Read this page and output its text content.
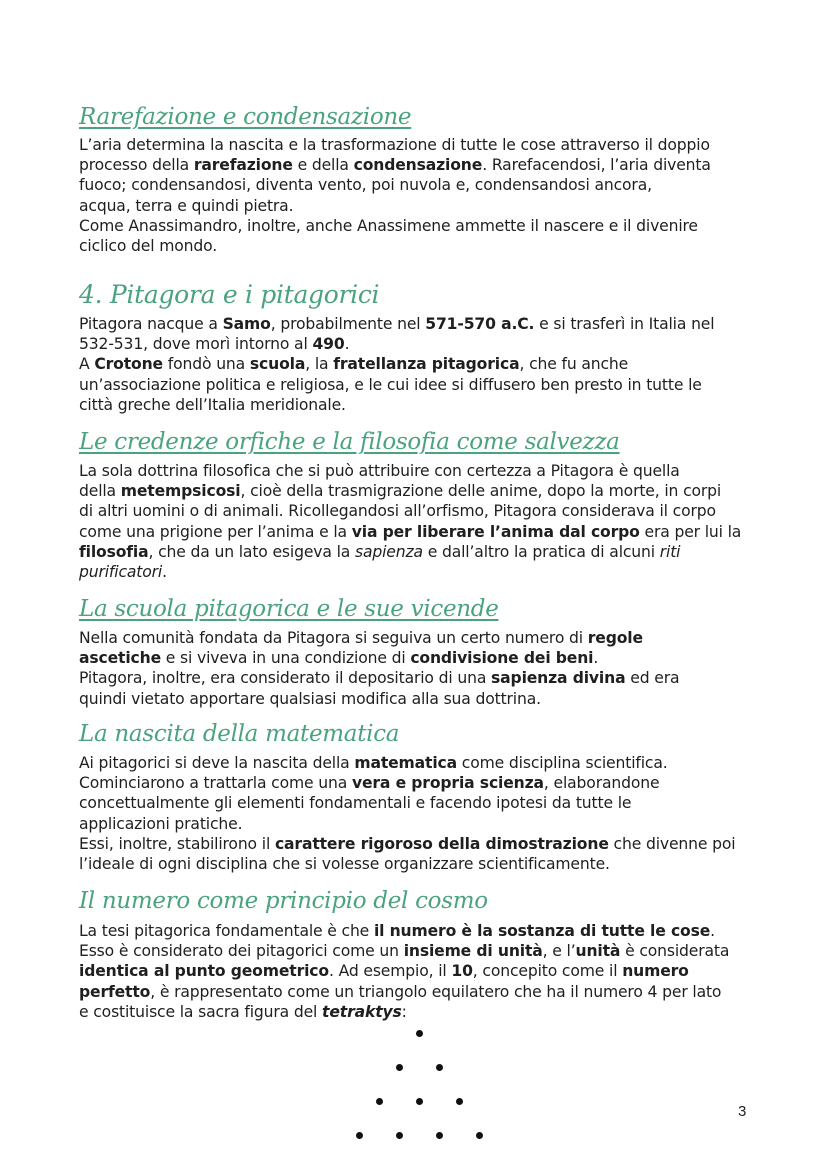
Rarefazione e condensazione

L’aria determina la nascita e la trasformazione di tutte le cose attraverso il doppio

processo della rarefazione e della condensazione. Rarefacendosi, l’aria diventa

fuoco; condensandosi, diventa vento, poi nuvola e, condensandosi ancora,

acqua, terra e quindi pietra.

Come Anassimandro, inoltre, anche Anassimene ammette il nascere e il divenire

ciclico del mondo.

4. Pitagora e i pitagorici

Pitagora nacque a Samo, probabilmente nel 571-570 a.C. e si trasferì in Italia nel

532-531, dove morì intorno al 490.

A Crotone fondò una scuola, la fratellanza pitagorica, che fu anche

un’associazione politica e religiosa, e le cui idee si diffusero ben presto in tutte le

città greche dell’Italia meridionale.

Le credenze orfiche e la filosofia come salvezza

La sola dottrina filosofica che si può attribuire con certezza a Pitagora è quella

della metempsicosi, cioè della trasmigrazione delle anime, dopo la morte, in corpi

di altri uomini o di animali. Ricollegandosi all’orfismo, Pitagora considerava il corpo

come una prigione per l’anima e la via per liberare l’anima dal corpo era per lui la

filosofia, che da un lato esigeva la sapienza e dall’altro la pratica di alcuni riti

purificatori.

La scuola pitagorica e le sue vicende

Nella comunità fondata da Pitagora si seguiva un certo numero di regole

ascetiche e si viveva in una condizione di condivisione dei beni.

Pitagora, inoltre, era considerato il depositario di una sapienza divina ed era

quindi vietato apportare qualsiasi modifica alla sua dottrina.

La nascita della matematica

Ai pitagorici si deve la nascita della matematica come disciplina scientifica.

Cominciarono a trattarla come una vera e propria scienza, elaborandone

concettualmente gli elementi fondamentali e facendo ipotesi da tutte le

applicazioni pratiche.

Essi, inoltre, stabilirono il carattere rigoroso della dimostrazione che divenne poi

l’ideale di ogni disciplina che si volesse organizzare scientificamente.

Il numero come principio del cosmo

La tesi pitagorica fondamentale è che il numero è la sostanza di tutte le cose.

Esso è considerato dei pitagorici come un insieme di unità, e l’unità è considerata

identica al punto geometrico. Ad esempio, il 10, concepito come il numero

perfetto, è rappresentato come un triangolo equilatero che ha il numero 4 per lato

e costituisce la sacra figura del tetraktys:

3
